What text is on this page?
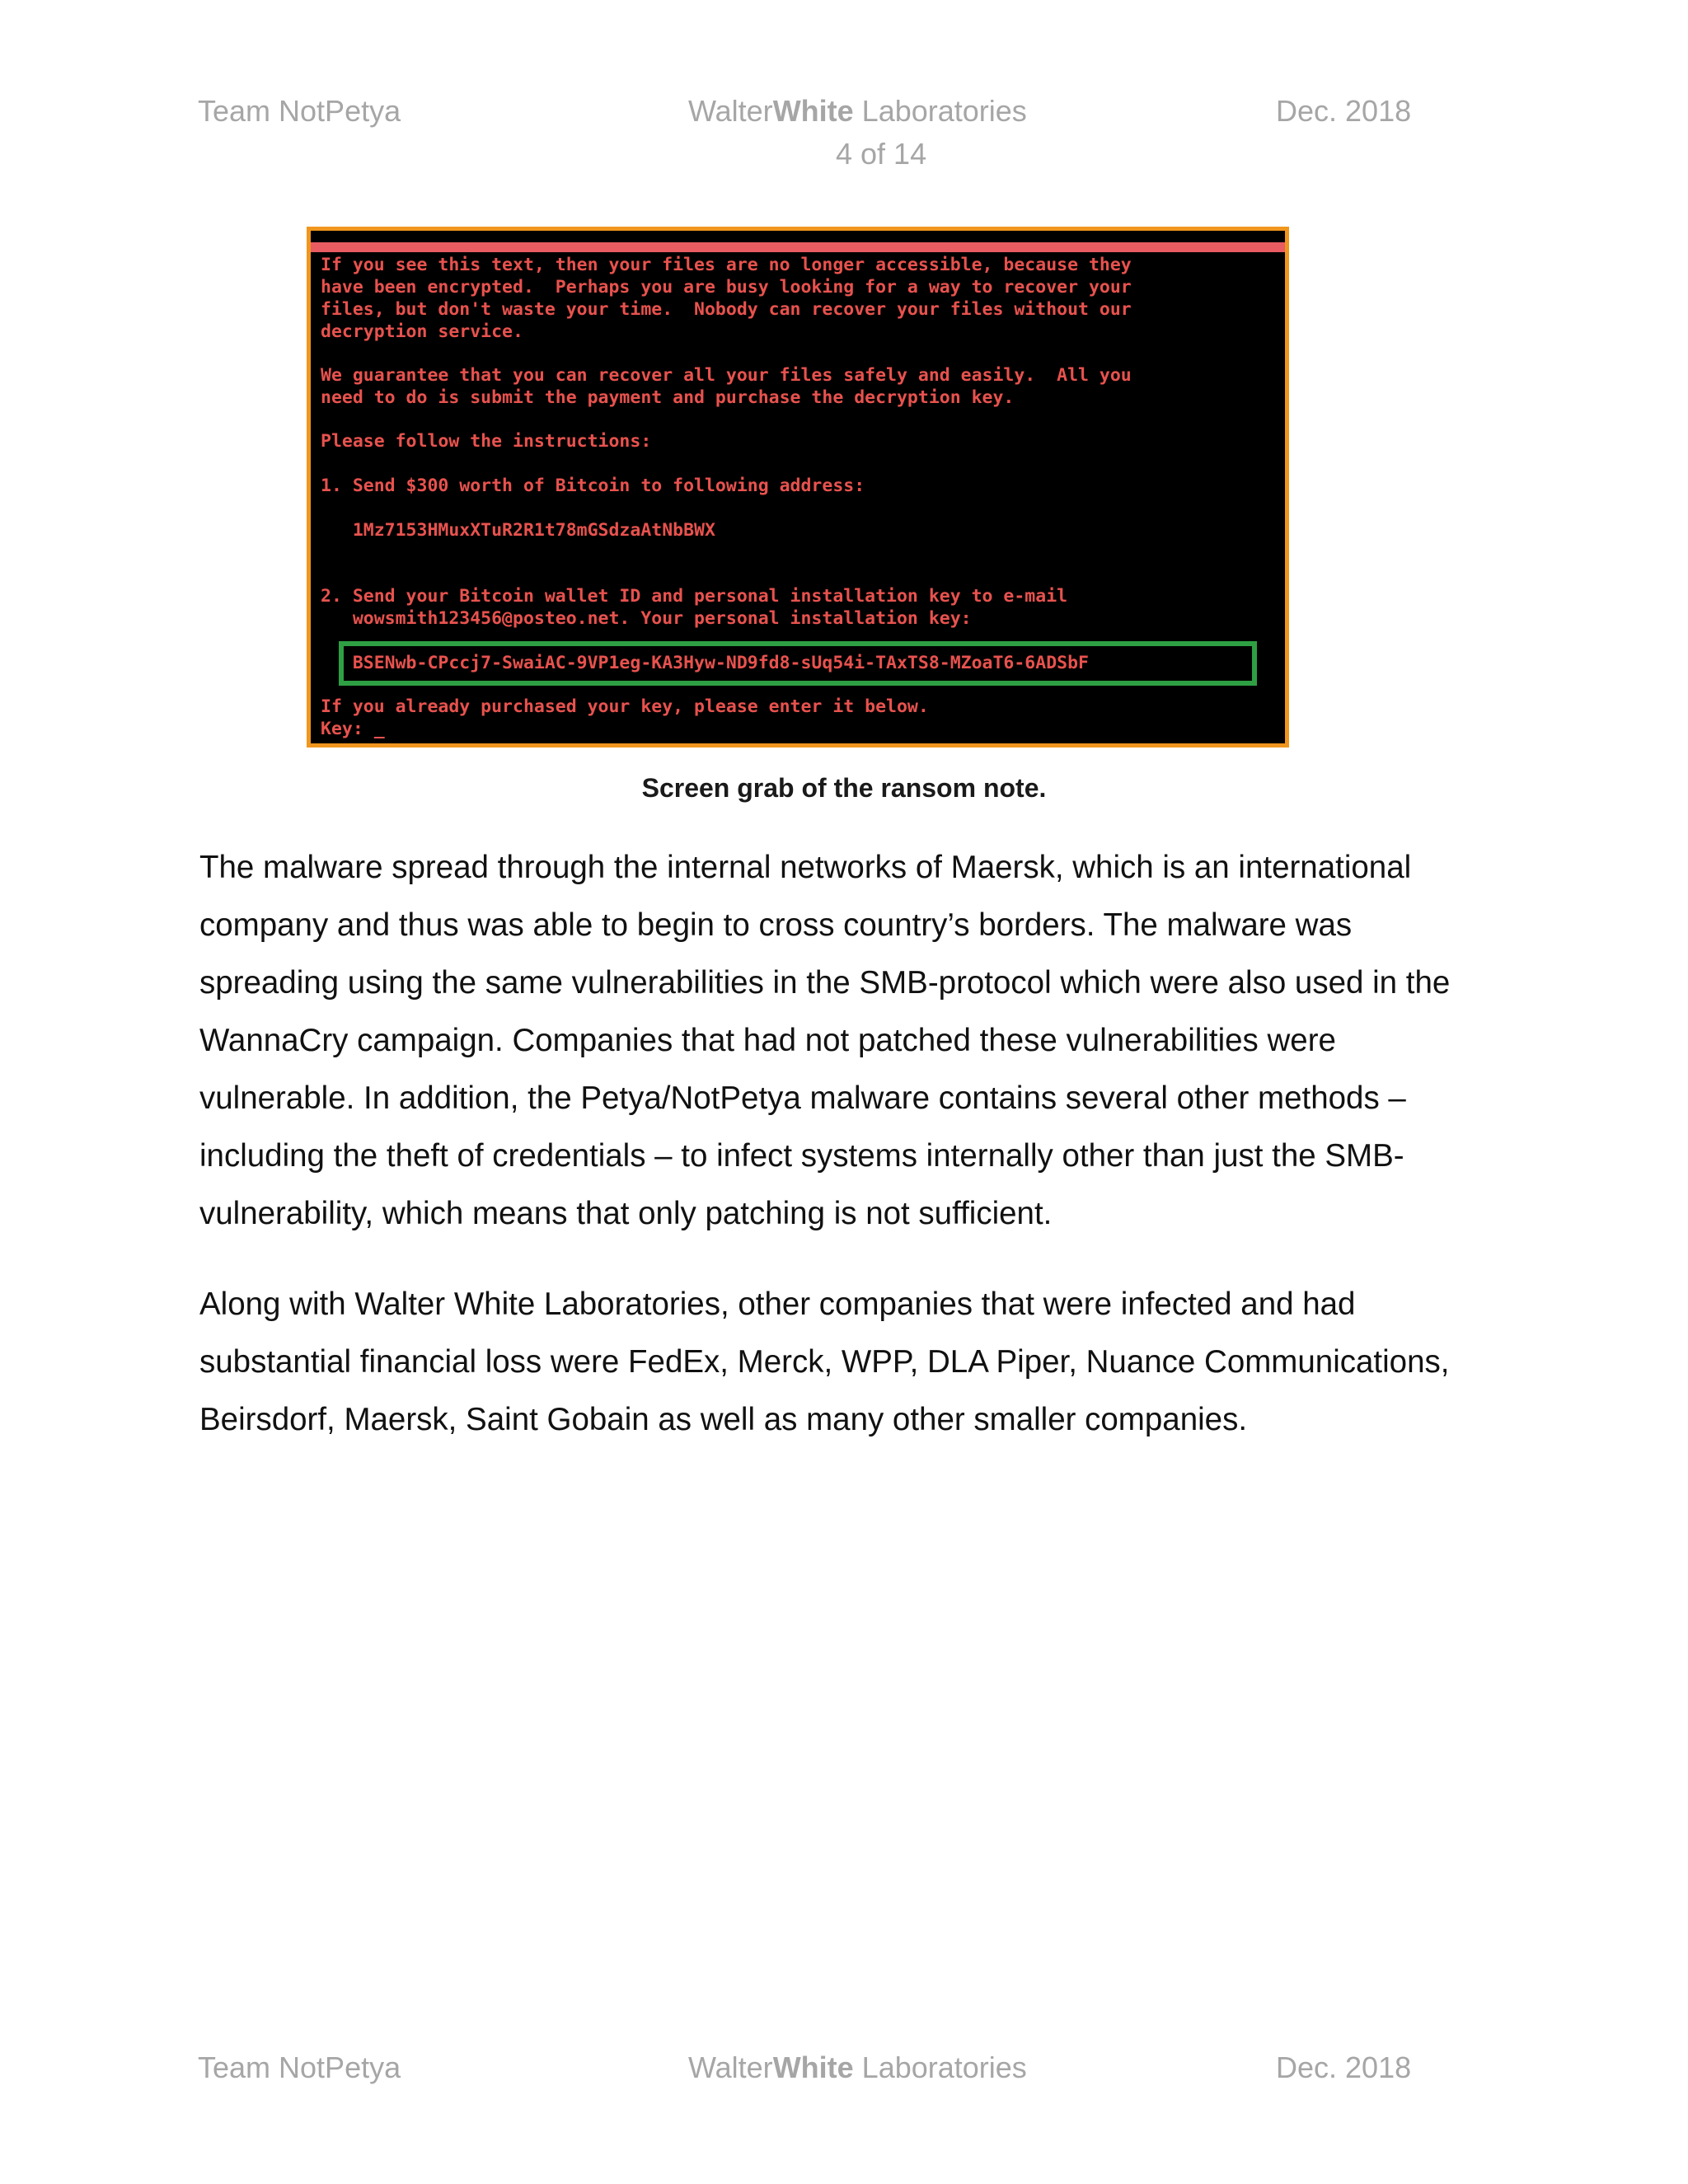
Team NotPetya	WalterWhite Laboratories	Dec. 2018
4 of 14
If you see this text, then your files are no longer accessible, because they
have been encrypted.  Perhaps you are busy looking for a way to recover your
files, but don't waste your time.  Nobody can recover your files without our
decryption service.
We guarantee that you can recover all your files safely and easily.  All you
need to do is submit the payment and purchase the decryption key.
Please follow the instructions:
1. Send $300 worth of Bitcoin to following address:
1Mz7153HMuxXTuR2R1t78mGSdzaAtNbBWX
2. Send your Bitcoin wallet ID and personal installation key to e-mail
wowsmith123456@posteo.net. Your personal installation key:
BSENwb-CPccj7-SwaiAC-9VP1eg-KA3Hyw-ND9fd8-sUq54i-TAxTS8-MZoaT6-6ADSbF
If you already purchased your key, please enter it below.
Key: _
Screen grab of the ransom note.

The malware spread through the internal networks of Maersk, which is an international company and thus was able to begin to cross country’s borders. The malware was spreading using the same vulnerabilities in the SMB-protocol which were also used in the WannaCry campaign. Companies that had not patched these vulnerabilities were vulnerable. In addition, the Petya/NotPetya malware contains several other methods – including the theft of credentials – to infect systems internally other than just the SMB-vulnerability, which means that only patching is not sufficient.

Along with Walter White Laboratories, other companies that were infected and had substantial financial loss were FedEx, Merck, WPP, DLA Piper, Nuance Communications, Beirsdorf, Maersk, Saint Gobain as well as many other smaller companies.

Team NotPetya	WalterWhite Laboratories	Dec. 2018
